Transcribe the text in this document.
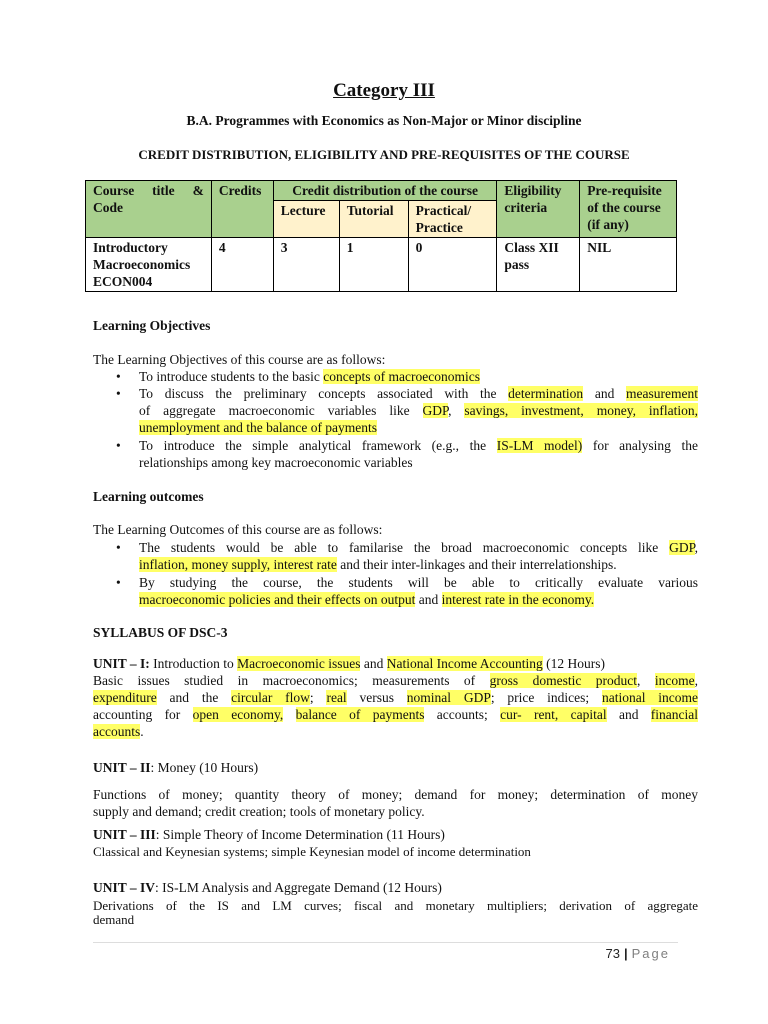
Category III
B.A. Programmes with Economics as Non-Major or Minor discipline
CREDIT DISTRIBUTION, ELIGIBILITY AND PRE-REQUISITES OF THE COURSE
Course title &
Code	Credits	Credit distribution of the course			Eligibility criteria	Pre-requisite of the course (if any)
		Lecture	Tutorial	Practical/ Practice		
Introductory Macroeconomics ECON004	4	3	1	0	Class XII pass	NIL
Learning Objectives
The Learning Objectives of this course are as follows:
• To introduce students to the basic concepts of macroeconomics
• To discuss the preliminary concepts associated with the determination and measurement
of aggregate macroeconomic variables like GDP, savings, investment, money, inflation,
unemployment and the balance of payments
• To introduce the simple analytical framework (e.g., the IS-LM model) for analysing the
relationships among key macroeconomic variables
Learning outcomes
The Learning Outcomes of this course are as follows:
• The students would be able to familarise the broad macroeconomic concepts like GDP,
inflation, money supply, interest rate and their inter-linkages and their interrelationships.
• By studying the course, the students will be able to critically evaluate various
macroeconomic policies and their effects on output and interest rate in the economy.
SYLLABUS OF DSC-3
UNIT – I: Introduction to Macroeconomic issues and National Income Accounting (12 Hours)
Basic issues studied in macroeconomics; measurements of gross domestic product, income,
expenditure and the circular flow; real versus nominal GDP; price indices; national income
accounting for open economy, balance of payments accounts; cur- rent, capital and financial
accounts.
UNIT – II: Money (10 Hours)
Functions of money; quantity theory of money; demand for money; determination of money
supply and demand; credit creation; tools of monetary policy.
UNIT – III: Simple Theory of Income Determination (11 Hours)
Classical and Keynesian systems; simple Keynesian model of income determination
UNIT – IV: IS-LM Analysis and Aggregate Demand (12 Hours)
Derivations of the IS and LM curves; fiscal and monetary multipliers; derivation of aggregate
demand
73 | Page
